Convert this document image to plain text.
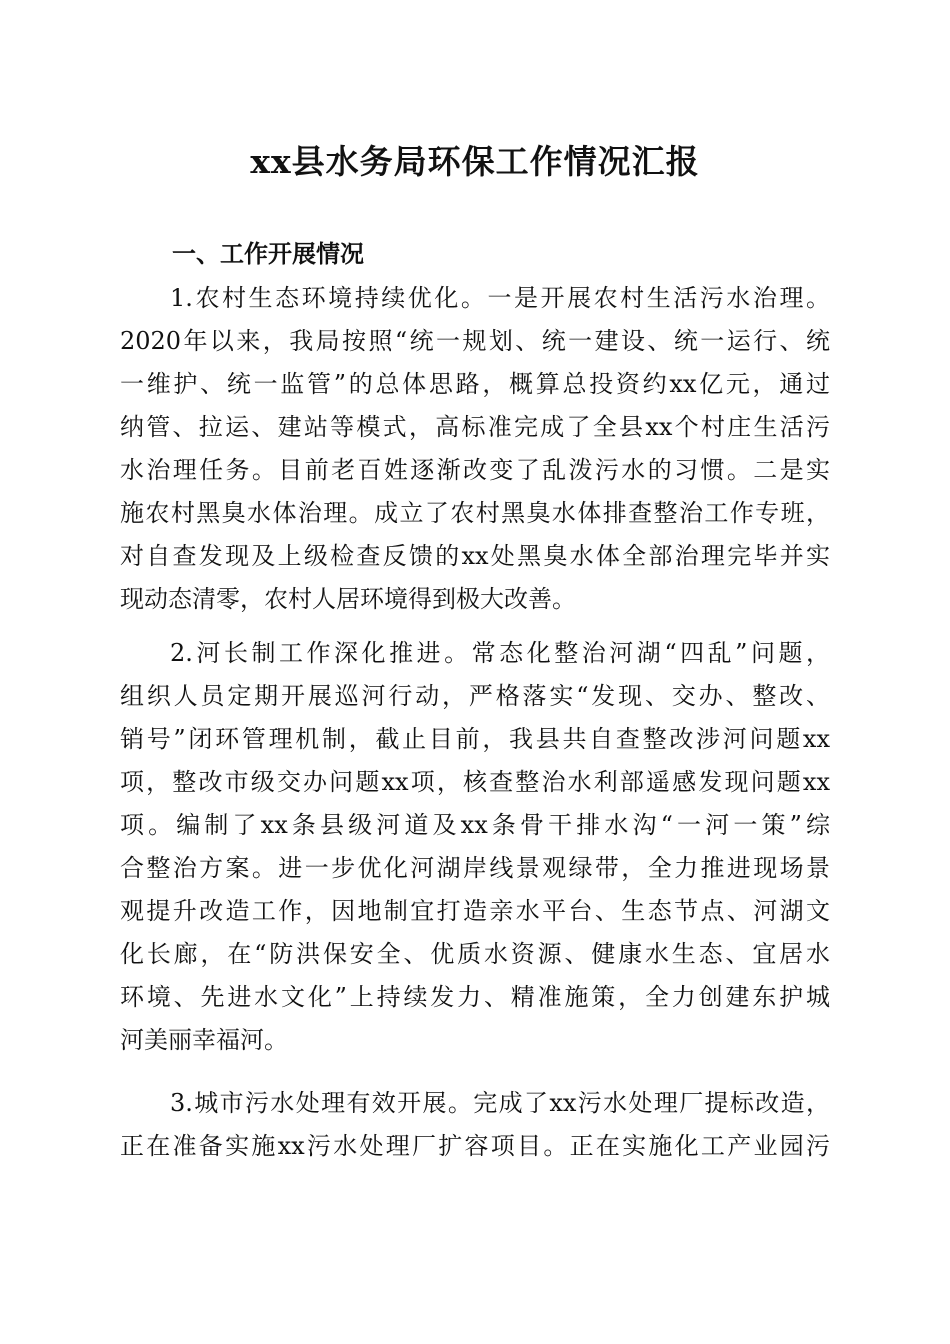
xx县水务局环保工作情况汇报
一、工作开展情况
1.农村生态环境持续优化。一是开展农村生活污水治理。
2020年以来，我局按照“统一规划、统一建设、统一运行、统
一维护、统一监管”的总体思路，概算总投资约xx亿元，通过
纳管、拉运、建站等模式，高标准完成了全县xx个村庄生活污
水治理任务。目前老百姓逐渐改变了乱泼污水的习惯。二是实
施农村黑臭水体治理。成立了农村黑臭水体排查整治工作专班，
对自查发现及上级检查反馈的xx处黑臭水体全部治理完毕并实
现动态清零，农村人居环境得到极大改善。
2.河长制工作深化推进。常态化整治河湖“四乱”问题，
组织人员定期开展巡河行动，严格落实“发现、交办、整改、
销号”闭环管理机制，截止目前，我县共自查整改涉河问题xx
项，整改市级交办问题xx项，核查整治水利部遥感发现问题xx
项。编制了xx条县级河道及xx条骨干排水沟“一河一策”综
合整治方案。进一步优化河湖岸线景观绿带，全力推进现场景
观提升改造工作，因地制宜打造亲水平台、生态节点、河湖文
化长廊，在“防洪保安全、优质水资源、健康水生态、宜居水
环境、先进水文化”上持续发力、精准施策，全力创建东护城
河美丽幸福河。
3.城市污水处理有效开展。完成了xx污水处理厂提标改造，
正在准备实施xx污水处理厂扩容项目。正在实施化工产业园污
